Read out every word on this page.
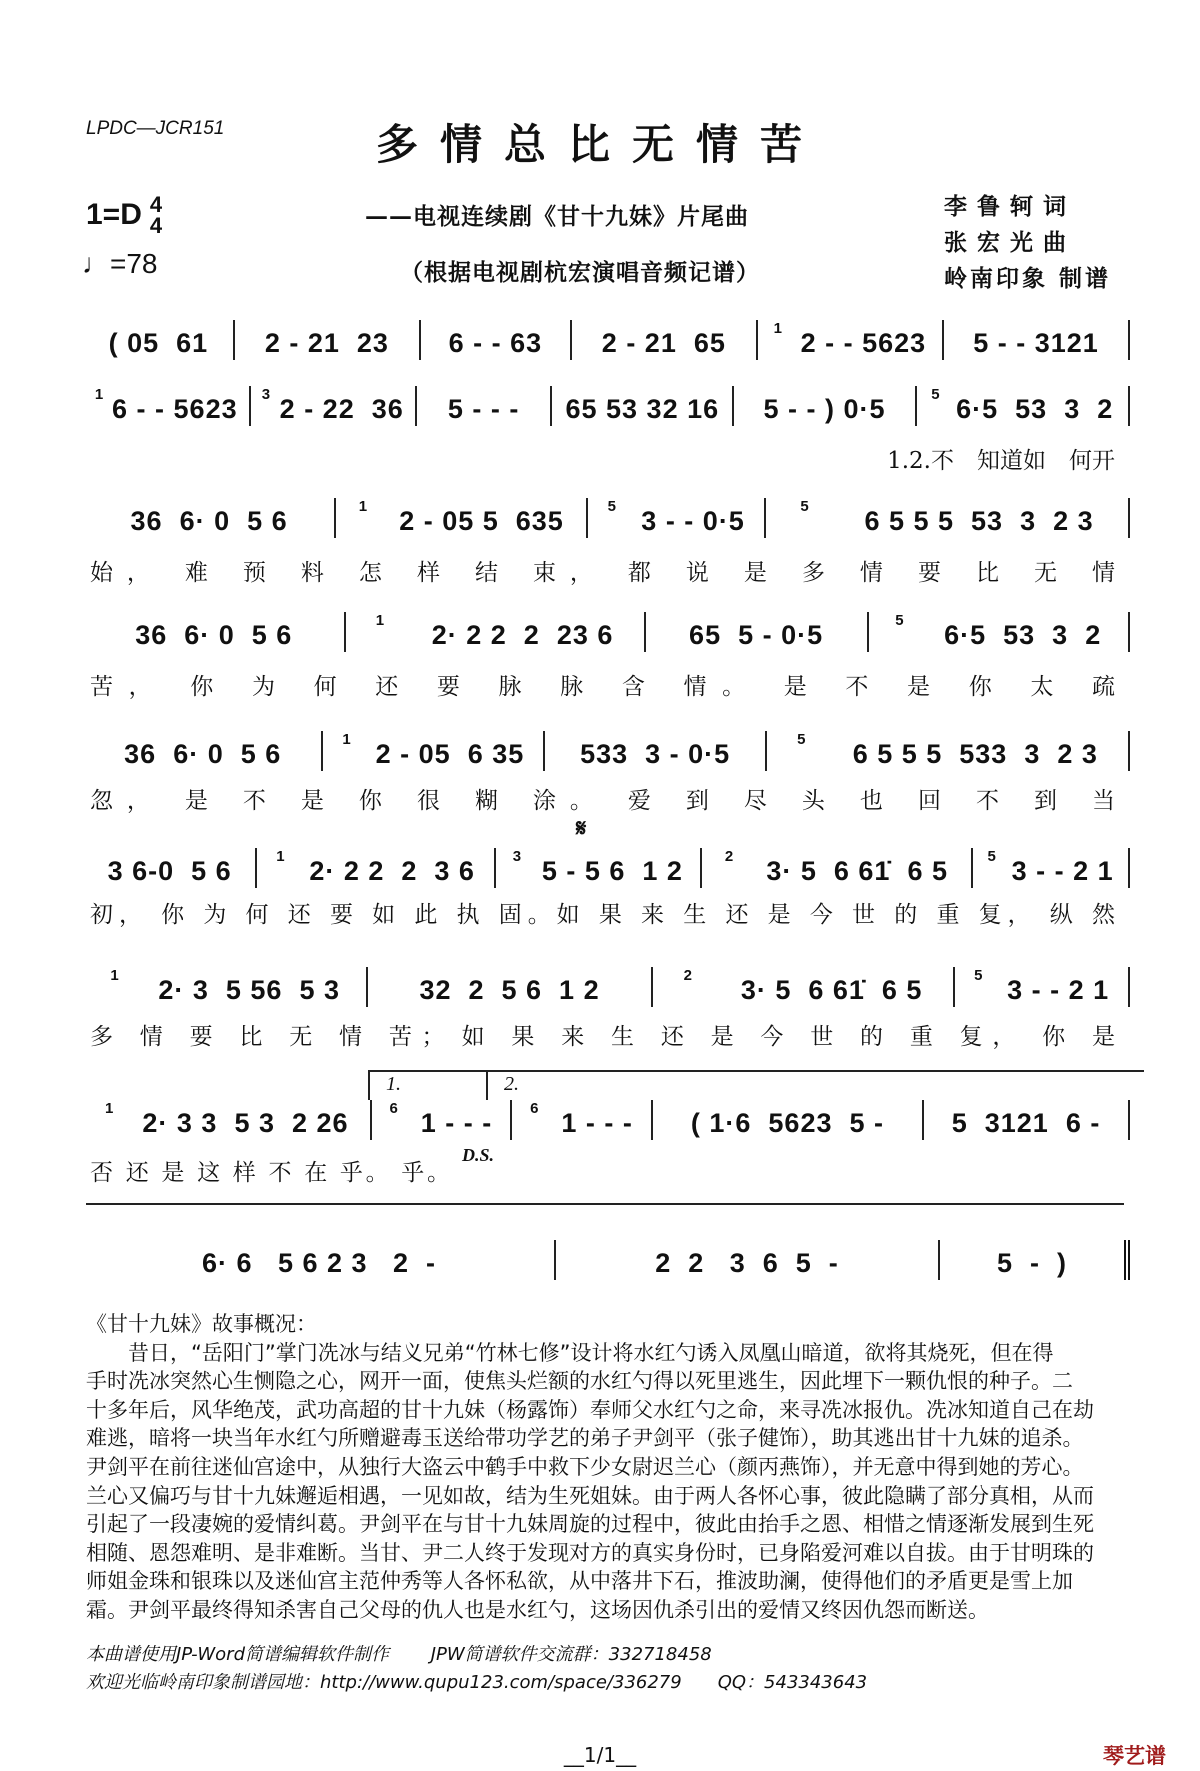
LPDC—JCR151	多情总比无情苦
1=D 4
4
♩=78
——电视连续剧《甘十九妹》片尾曲
（根据电视剧杭宏演唱音频记谱）
李鲁轲词
张宏光曲
岭南印象 制谱
( 05  61 2 - 21  23 6 - - 63 2 - 21  65	1 2 - - 5623 5 - - 3121
1 6 - - 5623 3 2 - 22  36 5 - - - 65 53 32 16 5 - - ) 0·5	5 6·5  53  3  2
1.2.不　知道如　何开
36  6· 0  5 6	1 2 - 05 5  635	5 3 - - 0·5	5 6 5 5 5  53  3  2 3
始， 难 预 料 怎 样 结 束， 都 说 是 多 情 要 比 无 情
36  6· 0  5 6	1 2· 2 2  2  23 6	65  5 - 0·5	5 6·5  53  3  2
苦， 你 为 何 还 要 脉 脉 含 情。 是 不 是 你 太 疏
36  6· 0  5 6	1 2 - 05  6 35 533  3 - 0·5	5 6 5 5 5  533  3  2 3
忽， 是 不 是 你 很 糊 涂。 爱 到 尽 头 也 回 不 到 当
3 6-0  5 6	1 2· 2 2  2  3 6	3 5 - 5 6  1 2	2 3· 5  6 61̇  6 5	5 3 - - 2 1
初， 你 为 何 还 要 如 此 执 固。如 果 来 生 还 是 今 世 的 重 复， 纵 然
1 2· 3  5 56  5 3	32  2  5 6  1 2	2 3· 5  6 61̇  6 5	5 3 - - 2 1
多 情 要 比 无 情 苦； 如 果 来 生 还 是 今 世 的 重 复， 你 是
1 2· 3 3  5 3  2 26	6 1 - - -	6 1 - - - ( 1·6  5623  5 -	5  3121  6 -
否 还 是 这 样 不 在 乎。 乎。
6· 6   5 6 2 3   2  -	2  2   3  6  5  -	5  -  )
1.	2.
𝄋
D.S.
《甘十九妹》故事概况：
　　昔日，“岳阳门”掌门冼冰与结义兄弟“竹林七修”设计将水红勺诱入凤凰山暗道，欲将其烧死，但在得
手时冼冰突然心生恻隐之心，网开一面，使焦头烂额的水红勺得以死里逃生，因此埋下一颗仇恨的种子。二
十多年后，风华绝茂，武功高超的甘十九妹（杨露饰）奉师父水红勺之命，来寻冼冰报仇。冼冰知道自己在劫
难逃，暗将一块当年水红勺所赠避毒玉送给带功学艺的弟子尹剑平（张子健饰），助其逃出甘十九妹的追杀。
尹剑平在前往迷仙宫途中，从独行大盗云中鹤手中救下少女尉迟兰心（颜丙燕饰），并无意中得到她的芳心。
兰心又偏巧与甘十九妹邂逅相遇，一见如故，结为生死姐妹。由于两人各怀心事，彼此隐瞒了部分真相，从而
引起了一段凄婉的爱情纠葛。尹剑平在与甘十九妹周旋的过程中，彼此由抬手之恩、相惜之情逐渐发展到生死
相随、恩怨难明、是非难断。当甘、尹二人终于发现对方的真实身份时，已身陷爱河难以自拔。由于甘明珠的
师姐金珠和银珠以及迷仙宫主范仲秀等人各怀私欲，从中落井下石，推波助澜，使得他们的矛盾更是雪上加
霜。尹剑平最终得知杀害自己父母的仇人也是水红勺，这场因仇杀引出的爱情又终因仇怨而断送。
本曲谱使用JP-Word简谱编辑软件制作　　 JPW简谱软件交流群：332718458
欢迎光临岭南印象制谱园地：http://www.qupu123.com/space/336279　　QQ：543343643
__1/1__	琴艺谱
